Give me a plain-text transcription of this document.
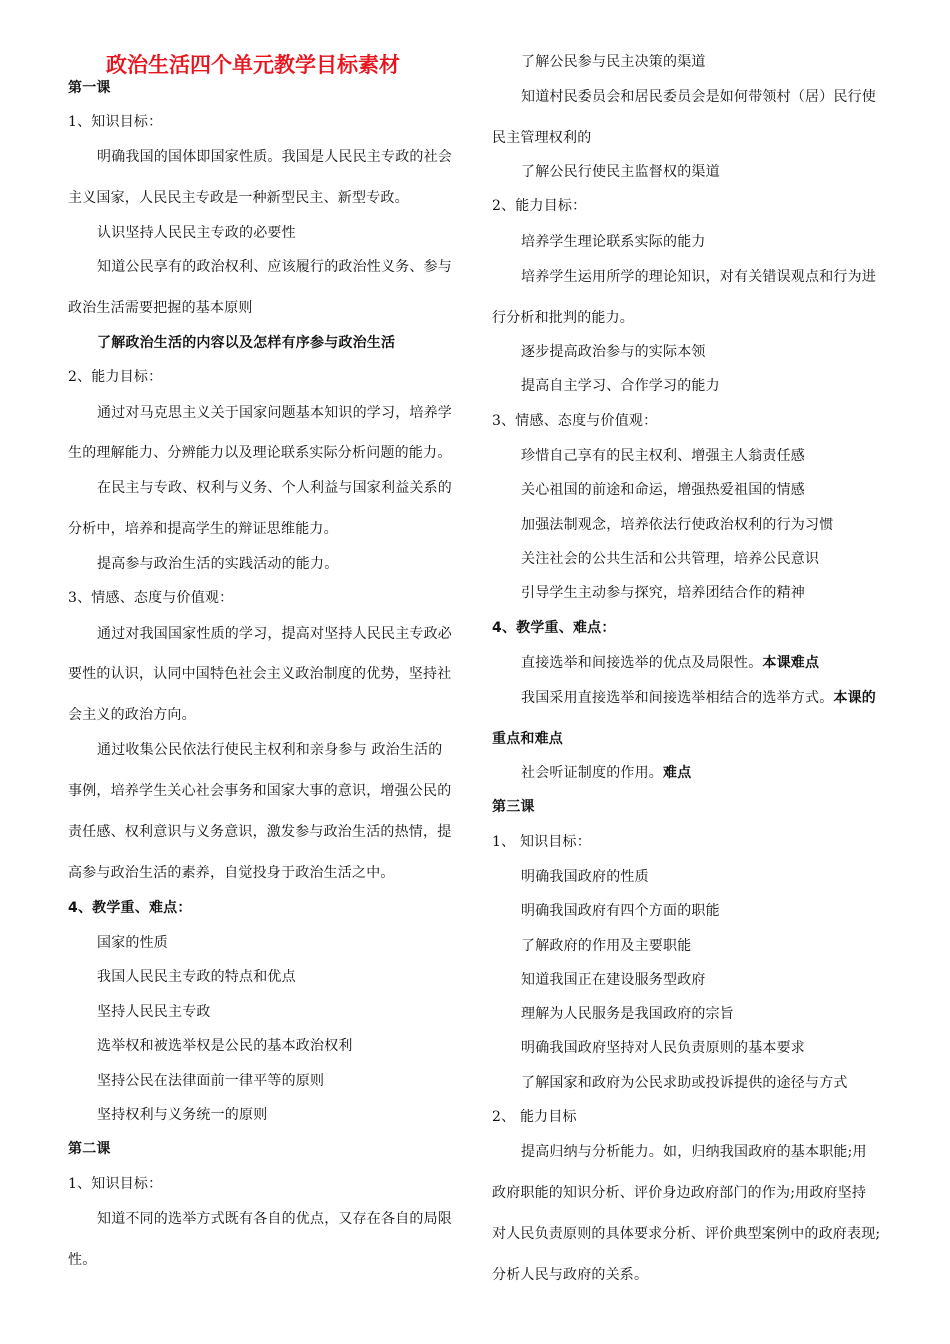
政治生活四个单元教学目标素材
第一课
1、知识目标：
明确我国的国体即国家性质。我国是人民民主专政的社会
主义国家，人民民主专政是一种新型民主、新型专政。
认识坚持人民民主专政的必要性
知道公民享有的政治权利、应该履行的政治性义务、参与
政治生活需要把握的基本原则
了解政治生活的内容以及怎样有序参与政治生活
2、能力目标：
通过对马克思主义关于国家问题基本知识的学习，培养学
生的理解能力、分辨能力以及理论联系实际分析问题的能力。
在民主与专政、权利与义务、个人利益与国家利益关系的
分析中，培养和提高学生的辩证思维能力。
提高参与政治生活的实践活动的能力。
3、情感、态度与价值观：
通过对我国国家性质的学习，提高对坚持人民民主专政必
要性的认识，认同中国特色社会主义政治制度的优势，坚持社
会主义的政治方向。
通过收集公民依法行使民主权利和亲身参与 政治生活的
事例，培养学生关心社会事务和国家大事的意识，增强公民的
责任感、权利意识与义务意识，激发参与政治生活的热情，提
高参与政治生活的素养，自觉投身于政治生活之中。
4、教学重、难点：
国家的性质
我国人民民主专政的特点和优点
坚持人民民主专政
选举权和被选举权是公民的基本政治权利
坚持公民在法律面前一律平等的原则
坚持权利与义务统一的原则
第二课
1、知识目标：
知道不同的选举方式既有各自的优点，又存在各自的局限
性。
了解公民参与民主决策的渠道
知道村民委员会和居民委员会是如何带领村（居）民行使
民主管理权利的
了解公民行使民主监督权的渠道
2、能力目标：
培养学生理论联系实际的能力
培养学生运用所学的理论知识，对有关错误观点和行为进
行分析和批判的能力。
逐步提高政治参与的实际本领
提高自主学习、合作学习的能力
3、情感、态度与价值观：
珍惜自己享有的民主权利、增强主人翁责任感
关心祖国的前途和命运，增强热爱祖国的情感
加强法制观念，培养依法行使政治权利的行为习惯
关注社会的公共生活和公共管理，培养公民意识
引导学生主动参与探究，培养团结合作的精神
4、教学重、难点：
直接选举和间接选举的优点及局限性。本课难点
我国采用直接选举和间接选举相结合的选举方式。本课的
重点和难点
社会听证制度的作用。难点
第三课
1、 知识目标：
明确我国政府的性质
明确我国政府有四个方面的职能
了解政府的作用及主要职能
知道我国正在建设服务型政府
理解为人民服务是我国政府的宗旨
明确我国政府坚持对人民负责原则的基本要求
了解国家和政府为公民求助或投诉提供的途径与方式
2、 能力目标
提高归纳与分析能力。如，归纳我国政府的基本职能;用
政府职能的知识分析、评价身边政府部门的作为;用政府坚持
对人民负责原则的具体要求分析、评价典型案例中的政府表现;
分析人民与政府的关系。
